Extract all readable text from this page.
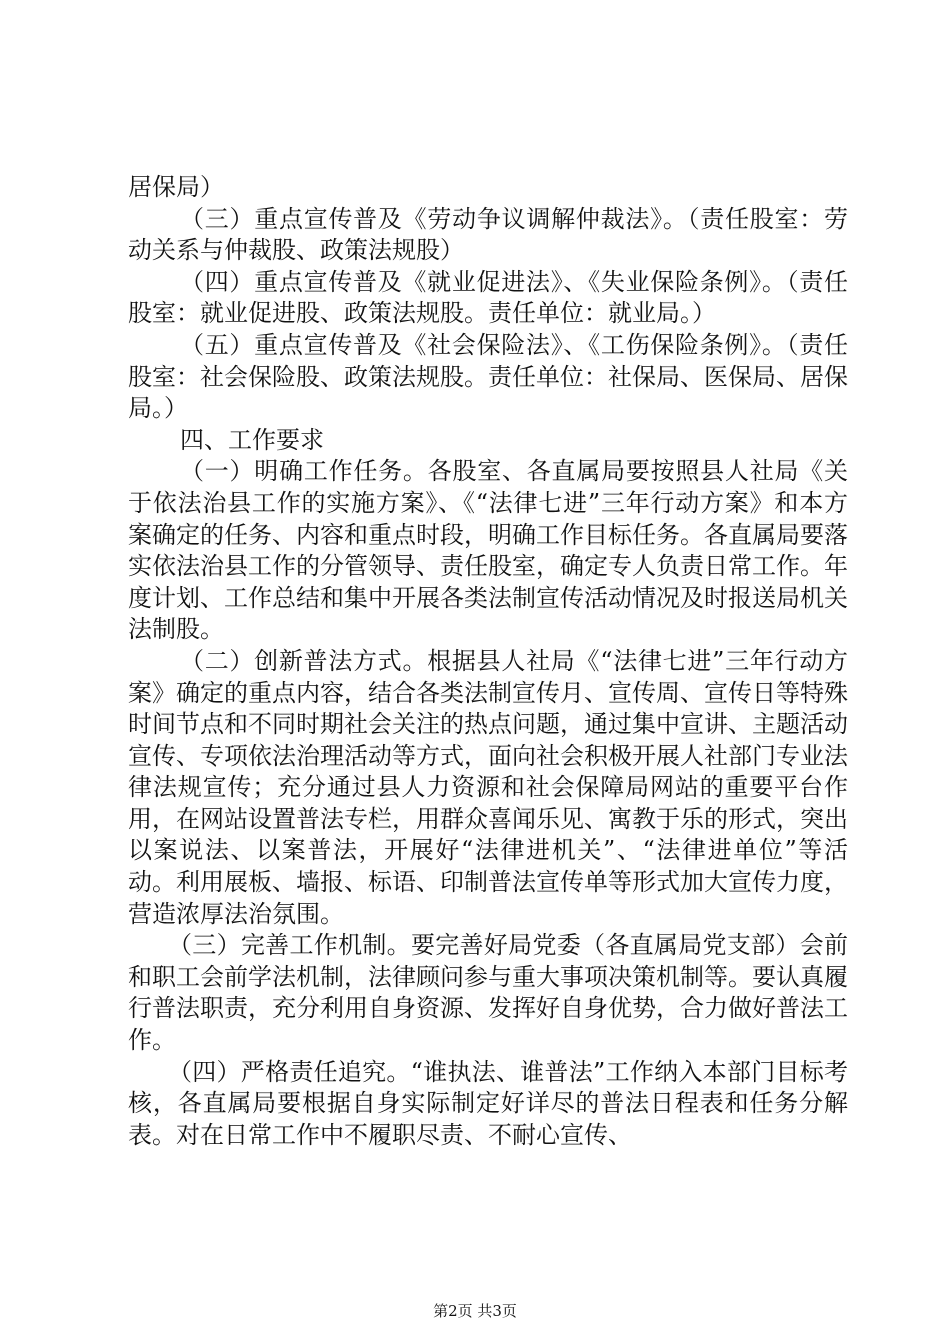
居保局）

（三）重点宣传普及《劳动争议调解仲裁法》。（责任股室：劳动关系与仲裁股、政策法规股）

（四）重点宣传普及《就业促进法》、《失业保险条例》。（责任股室：就业促进股、政策法规股。责任单位：就业局。）

（五）重点宣传普及《社会保险法》、《工伤保险条例》。（责任股室：社会保险股、政策法规股。责任单位：社保局、医保局、居保局。）

四、工作要求

（一）明确工作任务。各股室、各直属局要按照县人社局《关于依法治县工作的实施方案》、《“法律七进”三年行动方案》和本方案确定的任务、内容和重点时段，明确工作目标任务。各直属局要落实依法治县工作的分管领导、责任股室，确定专人负责日常工作。年度计划、工作总结和集中开展各类法制宣传活动情况及时报送局机关法制股。

（二）创新普法方式。根据县人社局《“法律七进”三年行动方案》确定的重点内容，结合各类法制宣传月、宣传周、宣传日等特殊时间节点和不同时期社会关注的热点问题，通过集中宣讲、主题活动宣传、专项依法治理活动等方式，面向社会积极开展人社部门专业法律法规宣传；充分通过县人力资源和社会保障局网站的重要平台作用，在网站设置普法专栏，用群众喜闻乐见、寓教于乐的形式，突出以案说法、以案普法，开展好“法律进机关”、“法律进单位”等活动。利用展板、墙报、标语、印制普法宣传单等形式加大宣传力度，营造浓厚法治氛围。

（三）完善工作机制。要完善好局党委（各直属局党支部）会前和职工会前学法机制，法律顾问参与重大事项决策机制等。要认真履行普法职责，充分利用自身资源、发挥好自身优势，合力做好普法工作。

（四）严格责任追究。“谁执法、谁普法”工作纳入本部门目标考核，各直属局要根据自身实际制定好详尽的普法日程表和任务分解表。对在日常工作中不履职尽责、不耐心宣传、

第2页 共3页
